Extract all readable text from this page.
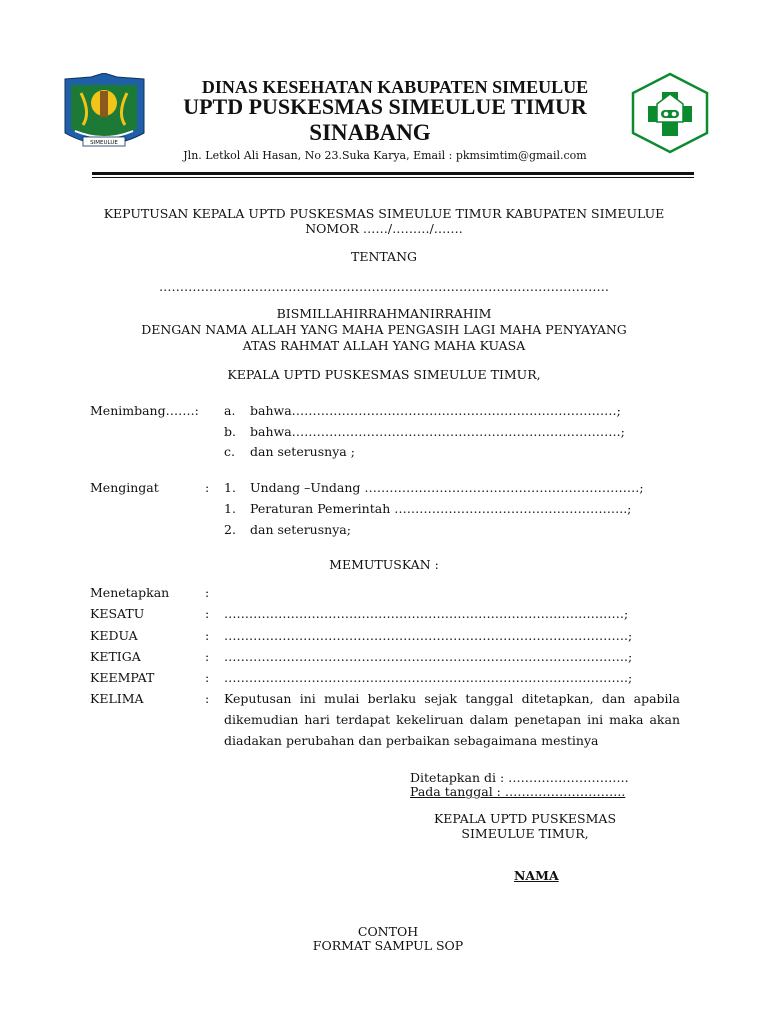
SIMEULUE
DINAS KESEHATAN KABUPATEN SIMEULUE
UPTD PUSKESMAS SIMEULUE TIMUR
SINABANG
Jln. Letkol Ali Hasan, No 23.Suka Karya, Email : pkmsimtim@gmail.com
KEPUTUSAN KEPALA UPTD PUSKESMAS SIMEULUE TIMUR KABUPATEN SIMEULUE
NOMOR ……/………/…….
TENTANG
………………………………………………………………………………………………
BISMILLAHIRRAHMANIRRAHIM
DENGAN NAMA ALLAH YANG MAHA PENGASIH LAGI MAHA PENYAYANG
ATAS RAHMAT ALLAH YANG MAHA KUASA
KEPALA UPTD PUSKESMAS SIMEULUE TIMUR,
Menimbang…….: a. bahwa……………………………………………………………………;
b. bahwa…………………………………………………………………….;
c. dan seterusnya ;
Mengingat	: 1. Undang –Undang …………………………………………………………;
1. Peraturan Pemerintah ………………………………………………..;
2. dan seterusnya;
MEMUTUSKAN :
Menetapkan	:
KESATU	: ……………………………………………………………………………………;
KEDUA	: …………………………………………………………………………………….;
KETIGA	: …………………………………………………………………………………….;
KEEMPAT	: …………………………………………………………………………………….;
KELIMA	: Keputusan ini mulai berlaku sejak tanggal ditetapkan, dan apabila dikemudian hari terdapat kekeliruan dalam penetapan ini maka akan diadakan perubahan dan perbaikan sebagaimana mestinya
Ditetapkan di : ………………………..
Pada tanggal : ………………………..
KEPALA UPTD PUSKESMAS
SIMEULUE TIMUR,
NAMA
CONTOH
FORMAT SAMPUL SOP
